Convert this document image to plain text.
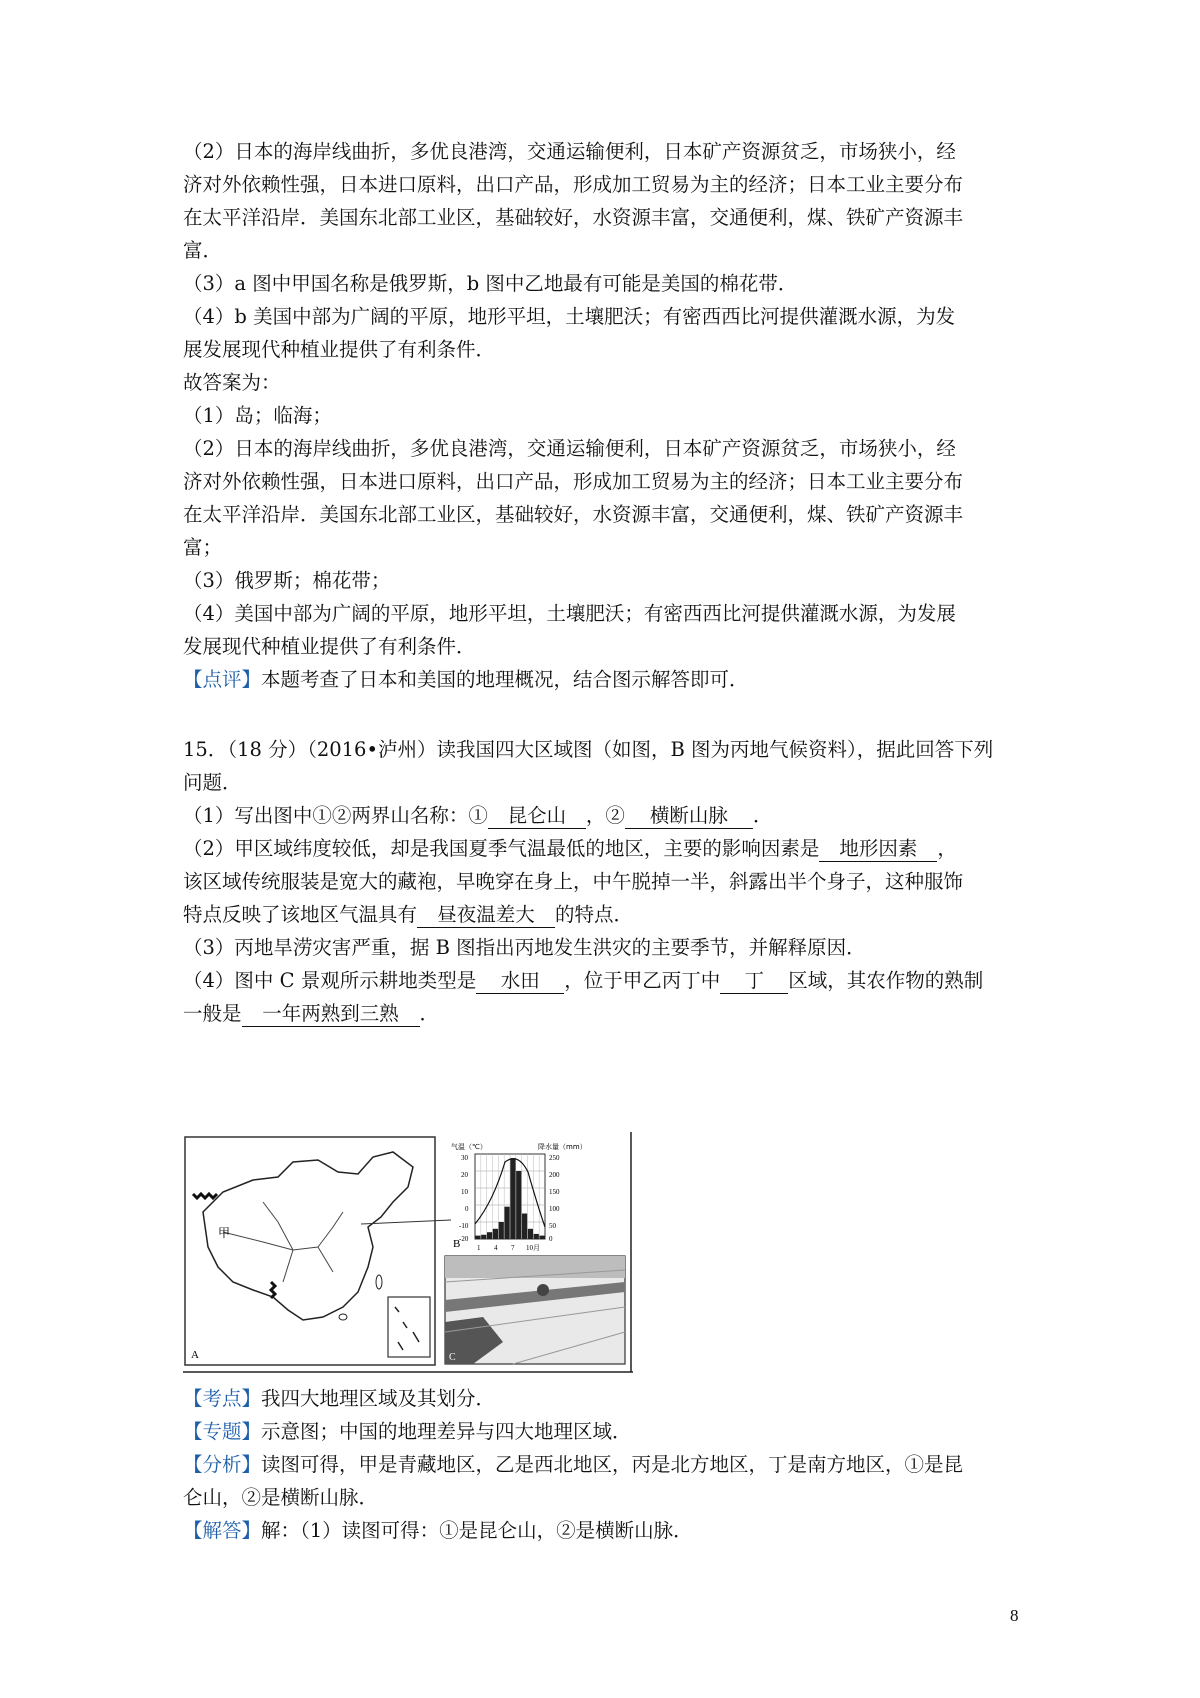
（2）日本的海岸线曲折，多优良港湾，交通运输便利，日本矿产资源贫乏，市场狭小，经
济对外依赖性强，日本进口原料，出口产品，形成加工贸易为主的经济；日本工业主要分布
在太平洋沿岸．美国东北部工业区，基础较好，水资源丰富，交通便利，煤、铁矿产资源丰
富．
（3）a 图中甲国名称是俄罗斯，b 图中乙地最有可能是美国的棉花带．
（4）b 美国中部为广阔的平原，地形平坦，土壤肥沃；有密西西比河提供灌溉水源，为发
展发展现代种植业提供了有利条件．
故答案为：
（1）岛；临海；
（2）日本的海岸线曲折，多优良港湾，交通运输便利，日本矿产资源贫乏，市场狭小，经
济对外依赖性强，日本进口原料，出口产品，形成加工贸易为主的经济；日本工业主要分布
在太平洋沿岸．美国东北部工业区，基础较好，水资源丰富，交通便利，煤、铁矿产资源丰
富；
（3）俄罗斯；棉花带；
（4）美国中部为广阔的平原，地形平坦，土壤肥沃；有密西西比河提供灌溉水源，为发展
发展现代种植业提供了有利条件．
【点评】本题考查了日本和美国的地理概况，结合图示解答即可．
15．（18 分）（2016•泸州）读我国四大区域图（如图，B 图为丙地气候资料），据此回答下列
问题．
（1）写出图中①②两界山名称：① 昆仑山 ，② 横断山脉 ．
（2）甲区域纬度较低，却是我国夏季气温最低的地区，主要的影响因素是 地形因素 ，
该区域传统服装是宽大的藏袍，早晚穿在身上，中午脱掉一半，斜露出半个身子，这种服饰
特点反映了该地区气温具有 昼夜温差大 的特点．
（3）丙地旱涝灾害严重，据 B 图指出丙地发生洪灾的主要季节，并解释原因．
（4）图中 C 景观所示耕地类型是 水田 ，位于甲乙丙丁中 丁 区域，其农作物的熟制
一般是 一年两熟到三熟 ．
A
甲
B
气温（℃）	降水量（mm）
250
200
150
100
50
0
30
20
10
0
-10
-20
1 4 7 10月
C
【考点】我四大地理区域及其划分．
【专题】示意图；中国的地理差异与四大地理区域．
【分析】读图可得，甲是青藏地区，乙是西北地区，丙是北方地区，丁是南方地区，①是昆
仑山，②是横断山脉．
【解答】解：（1）读图可得：①是昆仑山，②是横断山脉．
8
